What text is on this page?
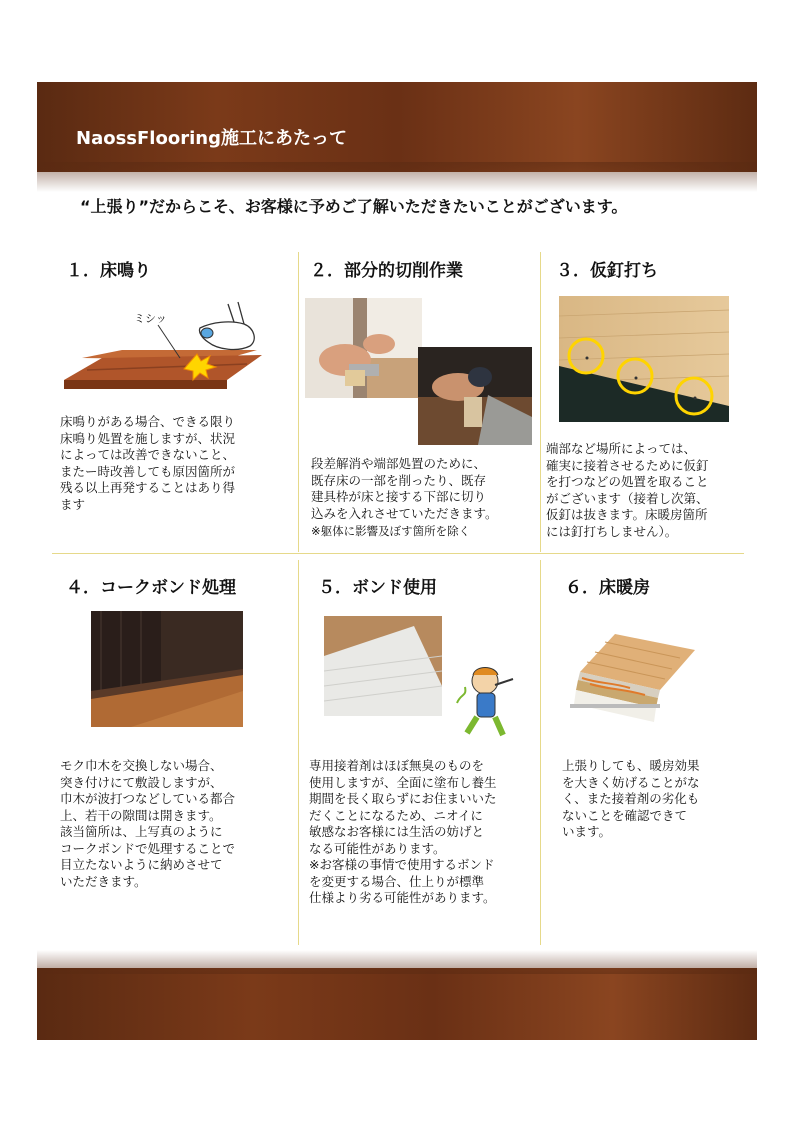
NaossFlooring施工にあたって
“上張り”だからこそ、お客様に予めご了解いただきたいことがございます。
１．床鳴り
ミシッ
床鳴りがある場合、できる限り
床鳴り処置を施しますが、状況
によっては改善できないこと、
またー時改善しても原因箇所が
残る以上再発することはあり得
ます
２．部分的切削作業
段差解消や端部処置のために、
既存床の一部を削ったり、既存
建具枠が床と接する下部に切り
込みを入れさせていただきます。
※躯体に影響及ぼす箇所を除く
３．仮釘打ち
端部など場所によっては、
確実に接着させるために仮釘
を打つなどの処置を取ること
がございます（接着し次第、
仮釘は抜きます。床暖房箇所
には釘打ちしません）。
４．コークボンド処理
モク巾木を交換しない場合、
突き付けにて敷設しますが、
巾木が波打つなどしている都合
上、若干の隙間は開きます。
該当箇所は、上写真のように
コークボンドで処理することで
目立たないように納めさせて
いただきます。
５．ボンド使用
専用接着剤はほぼ無臭のものを
使用しますが、全面に塗布し養生
期間を長く取らずにお住まいいた
だくことになるため、ニオイに
敏感なお客様には生活の妨げと
なる可能性があります。
※お客様の事情で使用するボンド
を変更する場合、仕上りが標準
仕様より劣る可能性があります。
６．床暖房
上張りしても、暖房効果
を大きく妨げることがな
く、また接着剤の劣化も
ないことを確認できて
います。
